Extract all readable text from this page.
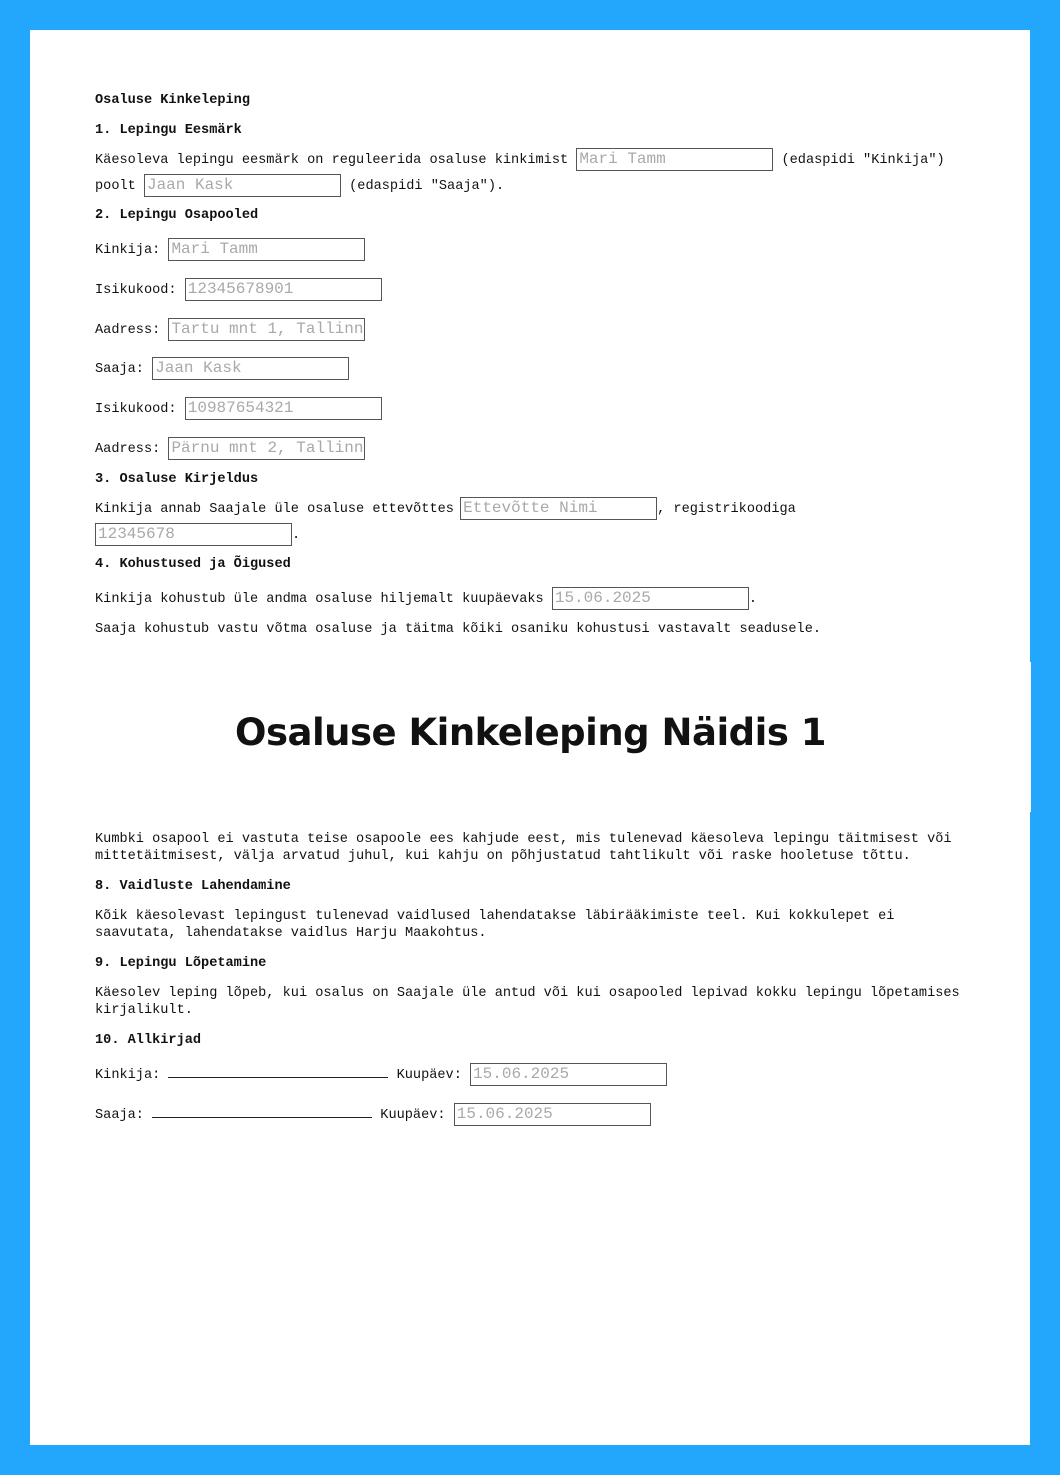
Osaluse Kinkeleping
1. Lepingu Eesmärk

Käesoleva lepingu eesmärk on reguleerida osaluse kinkimist Mari Tamm	(edaspidi "Kinkija")
poolt Jaan Kask	(edaspidi "Saaja").

2. Lepingu Osapooled
Kinkija: Mari Tamm
Isikukood: 12345678901
Aadress: Tartu mnt 1, Tallinn
Saaja: Jaan Kask
Isikukood: 10987654321
Aadress: Pärnu mnt 2, Tallinn
3. Osaluse Kirjeldus

Kinkija annab Saajale üle osaluse ettevõttes Ettevõtte Nimi	, registrikoodiga
12345678	.

4. Kohustused ja Õigused
Kinkija kohustub üle andma osaluse hiljemalt kuupäevaks 15.06.2025	.

Saaja kohustub vastu võtma osaluse ja täitma kõiki osaniku kohustusi vastavalt seadusele.

Kumbki osapool ei vastuta teise osapoole ees kahjude eest, mis tulenevad käesoleva lepingu täitmisest või mittetäitmisest, välja arvatud juhul, kui kahju on põhjustatud tahtlikult või raske hooletuse tõttu.

8. Vaidluste Lahendamine

Kõik käesolevast lepingust tulenevad vaidlused lahendatakse läbirääkimiste teel. Kui kokkulepet ei saavutata, lahendatakse vaidlus Harju Maakohtus.

9. Lepingu Lõpetamine

Käesolev leping lõpeb, kui osalus on Saajale üle antud või kui osapooled lepivad kokku lepingu lõpetamises kirjalikult.

10. Allkirjad
Kinkija:	Kuupäev: 15.06.2025
Saaja:	Kuupäev: 15.06.2025
Osaluse Kinkeleping Näidis 1
